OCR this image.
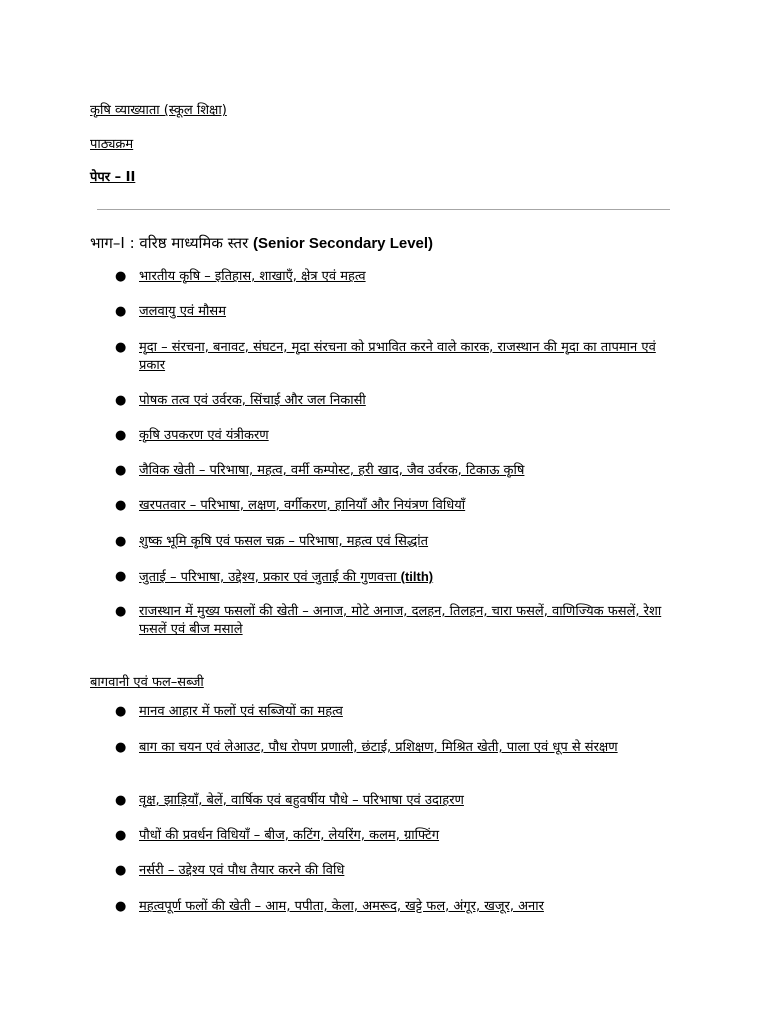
कृषि व्याख्याता (स्कूल शिक्षा)
पाठ्यक्रम
पेपर – II
भाग–I : वरिष्ठ माध्यमिक स्तर (Senior Secondary Level)
● भारतीय कृषि – इतिहास, शाखाएँ, क्षेत्र एवं महत्व
● जलवायु एवं मौसम
● मृदा – संरचना, बनावट, संघटन, मृदा संरचना को प्रभावित करने वाले कारक, राजस्थान की मृदा का तापमान एवं प्रकार
● पोषक तत्व एवं उर्वरक, सिंचाई और जल निकासी
● कृषि उपकरण एवं यंत्रीकरण
● जैविक खेती – परिभाषा, महत्व, वर्मी कम्पोस्ट, हरी खाद, जैव उर्वरक, टिकाऊ कृषि
● खरपतवार – परिभाषा, लक्षण, वर्गीकरण, हानियाँ और नियंत्रण विधियाँ
● शुष्क भूमि कृषि एवं फसल चक्र – परिभाषा, महत्व एवं सिद्धांत
● जुताई – परिभाषा, उद्देश्य, प्रकार एवं जुताई की गुणवत्ता (tilth)
● राजस्थान में मुख्य फसलों की खेती – अनाज, मोटे अनाज, दलहन, तिलहन, चारा फसलें, वाणिज्यिक फसलें, रेशा फसलें एवं बीज मसाले
बागवानी एवं फल–सब्जी
● मानव आहार में फलों एवं सब्जियों का महत्व
● बाग का चयन एवं लेआउट, पौध रोपण प्रणाली, छंटाई, प्रशिक्षण, मिश्रित खेती, पाला एवं धूप से संरक्षण
● वृक्ष, झाड़ियाँ, बेलें, वार्षिक एवं बहुवर्षीय पौधे – परिभाषा एवं उदाहरण
● पौधों की प्रवर्धन विधियाँ – बीज, कटिंग, लेयरिंग, कलम, ग्राफ्टिंग
● नर्सरी – उद्देश्य एवं पौध तैयार करने की विधि
● महत्वपूर्ण फलों की खेती – आम, पपीता, केला, अमरूद, खट्टे फल, अंगूर, खजूर, अनार
